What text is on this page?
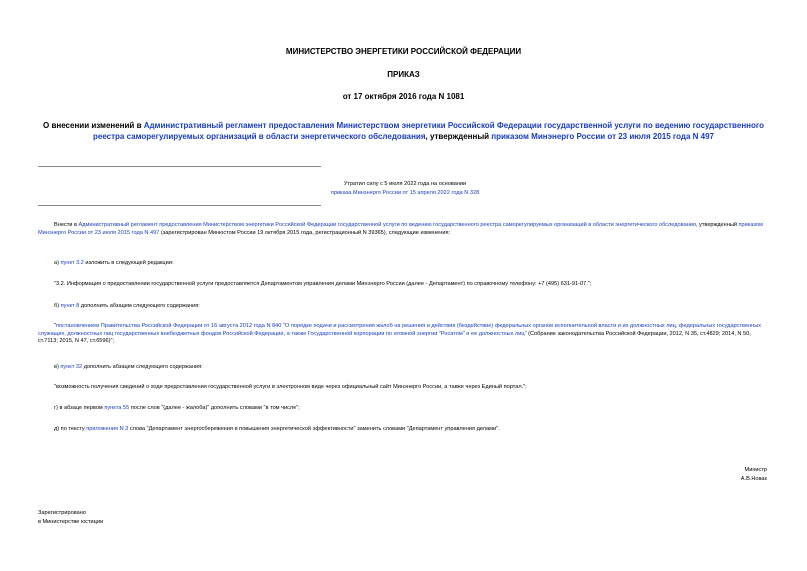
МИНИСТЕРСТВО ЭНЕРГЕТИКИ РОССИЙСКОЙ ФЕДЕРАЦИИ
ПРИКАЗ
от 17 октября 2016 года N 1081
О внесении изменений в Административный регламент предоставления Министерством энергетики Российской Федерации государственной услуги по ведению государственного реестра саморегулируемых организаций в области энергетического обследования, утвержденный приказом Минэнерго России от 23 июля 2015 года N 497
Утратил силу с 5 июля 2022 года на основании
приказа Минэнерго России от 15 апреля 2022 года N 328
Внести в Административный регламент предоставления Министерством энергетики Российской Федерации государственной услуги по ведению государственного реестра саморегулируемых организаций в области энергетического обследования, утвержденный приказом Минэнерго России от 23 июля 2015 года N 497 (зарегистрирован Минюстом России 19 октября 2015 года, регистрационный N 39365), следующие изменения:
а) пункт 3.2 изложить в следующей редакции:
"3.2. Информация о предоставлении государственной услуги предоставляется Департаментом управления делами Минэнерго России (далее - Департамент) по справочному телефону: +7 (495) 631-91-07.";
б) пункт 8 дополнить абзацем следующего содержания:
"постановлением Правительства Российской Федерации от 16 августа 2012 года N 840 "О порядке подачи и рассмотрения жалоб на решения и действия (бездействие) федеральных органов исполнительной власти и их должностных лиц, федеральных государственных служащих, должностных лиц государственных внебюджетных фондов Российской Федерации, а также Государственной корпорации по атомной энергии "Росатом" и ее должностных лиц" (Собрание законодательства Российской Федерации, 2012, N 35, ст.4829; 2014, N 50, ст.7113; 2015, N 47, ст.6596)";
в) пункт 32 дополнить абзацем следующего содержания:
"возможность получения сведений о ходе предоставления государственной услуги в электронном виде через официальный сайт Минэнерго России, а также через Единый портал.";
г) в абзаце первом пункта 55 после слов "(далее - жалоба)" дополнить словами "в том числе";
д) по тексту приложения N 3 слова "Департамент энергосбережения и повышения энергетической эффективности" заменить словами "Департамент управления делами".
Министр
А.В.Новак
Зарегистрировано
в Министерстве юстиции
